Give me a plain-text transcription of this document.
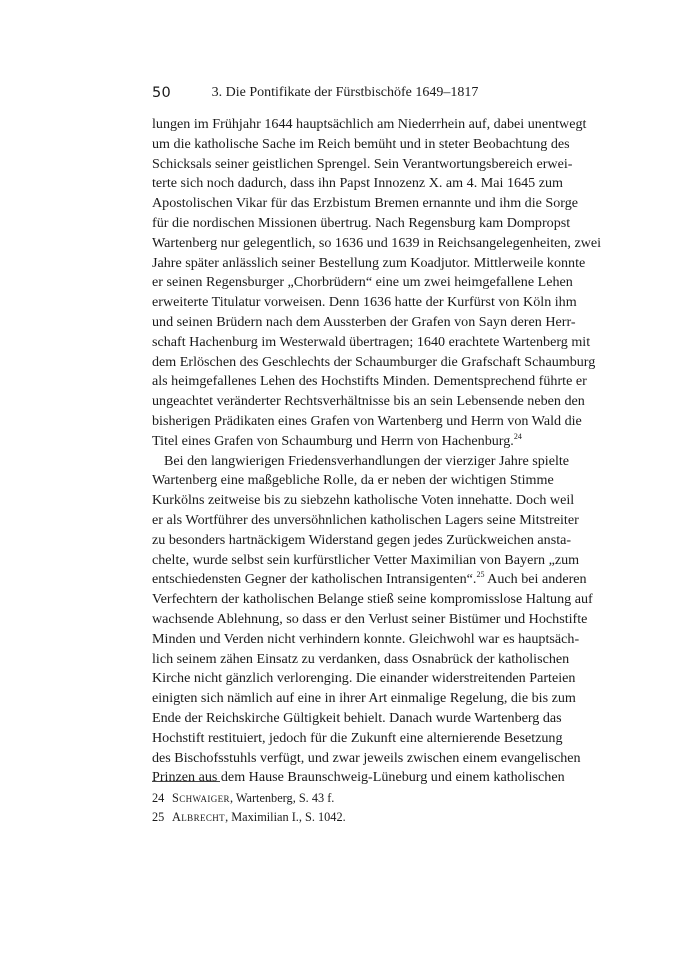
50	3. Die Pontifikate der Fürstbischöfe 1649–1817
lungen im Frühjahr 1644 hauptsächlich am Niederrhein auf, dabei unentwegt
um die katholische Sache im Reich bemüht und in steter Beobachtung des
Schicksals seiner geistlichen Sprengel. Sein Verantwortungsbereich erwei-
terte sich noch dadurch, dass ihn Papst Innozenz X. am 4. Mai 1645 zum
Apostolischen Vikar für das Erzbistum Bremen ernannte und ihm die Sorge
für die nordischen Missionen übertrug. Nach Regensburg kam Dompropst
Wartenberg nur gelegentlich, so 1636 und 1639 in Reichsangelegenheiten, zwei
Jahre später anlässlich seiner Bestellung zum Koadjutor. Mittlerweile konnte
er seinen Regensburger „Chorbrüdern“ eine um zwei heimgefallene Lehen
erweiterte Titulatur vorweisen. Denn 1636 hatte der Kurfürst von Köln ihm
und seinen Brüdern nach dem Aussterben der Grafen von Sayn deren Herr-
schaft Hachenburg im Westerwald übertragen; 1640 erachtete Wartenberg mit
dem Erlöschen des Geschlechts der Schaumburger die Grafschaft Schaumburg
als heimgefallenes Lehen des Hochstifts Minden. Dementsprechend führte er
ungeachtet veränderter Rechtsverhältnisse bis an sein Lebensende neben den
bisherigen Prädikaten eines Grafen von Wartenberg und Herrn von Wald die
Titel eines Grafen von Schaumburg und Herrn von Hachenburg.$^{24}$
Bei den langwierigen Friedensverhandlungen der vierziger Jahre spielte
Wartenberg eine maßgebliche Rolle, da er neben der wichtigen Stimme
Kurkölns zeitweise bis zu siebzehn katholische Voten innehatte. Doch weil
er als Wortführer des unversöhnlichen katholischen Lagers seine Mitstreiter
zu besonders hartnäckigem Widerstand gegen jedes Zurückweichen ansta-
chelte, wurde selbst sein kurfürstlicher Vetter Maximilian von Bayern „zum
entschiedensten Gegner der katholischen Intransigenten“.$^{25}$ Auch bei anderen
Verfechtern der katholischen Belange stieß seine kompromisslose Haltung auf
wachsende Ablehnung, so dass er den Verlust seiner Bistümer und Hochstifte
Minden und Verden nicht verhindern konnte. Gleichwohl war es hauptsäch-
lich seinem zähen Einsatz zu verdanken, dass Osnabrück der katholischen
Kirche nicht gänzlich verlorenging. Die einander widerstreitenden Parteien
einigten sich nämlich auf eine in ihrer Art einmalige Regelung, die bis zum
Ende der Reichskirche Gültigkeit behielt. Danach wurde Wartenberg das
Hochstift restituiert, jedoch für die Zukunft eine alternierende Besetzung
des Bischofsstuhls verfügt, und zwar jeweils zwischen einem evangelischen
Prinzen aus dem Hause Braunschweig-Lüneburg und einem katholischen
24 Schwaiger, Wartenberg, S. 43 f.
25 Albrecht, Maximilian I., S. 1042.
